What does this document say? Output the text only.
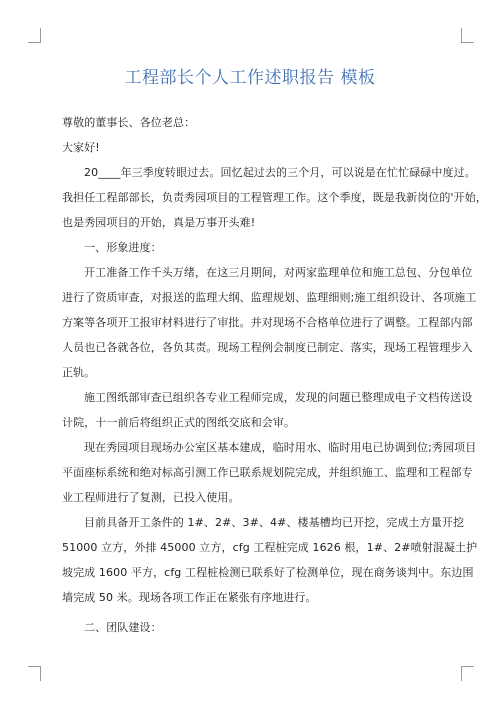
工程部长个人工作述职报告 模板
尊敬的董事长、各位老总：
大家好!
20____年三季度转眼过去。回忆起过去的三个月，可以说是在忙忙碌碌中度过。
我担任工程部部长，负责秀园项目的工程管理工作。这个季度，既是我新岗位的'开始，
也是秀园项目的开始，真是万事开头难!
一、形象进度：
开工准备工作千头万绪，在这三月期间，对两家监理单位和施工总包、分包单位
进行了资质审查，对报送的监理大纲、监理规划、监理细则;施工组织设计、各项施工
方案等各项开工报审材料进行了审批。并对现场不合格单位进行了调整。工程部内部
人员也已各就各位，各负其责。现场工程例会制度已制定、落实，现场工程管理步入
正轨。
施工图纸部审查已组织各专业工程师完成，发现的问题已整理成电子文档传送设
计院，十一前后将组织正式的图纸交底和会审。
现在秀园项目现场办公室区基本建成，临时用水、临时用电已协调到位;秀园项目
平面座标系统和绝对标高引测工作已联系规划院完成，并组织施工、监理和工程部专
业工程师进行了复测，已投入使用。
目前具备开工条件的 1#、2#、3#、4#、楼基槽均已开挖，完成土方量开挖
51000 立方，外排 45000 立方，cfg 工程桩完成 1626 根，1#、2#喷射混凝土护
坡完成 1600 平方，cfg 工程桩检测已联系好了检测单位，现在商务谈判中。东边围
墙完成 50 米。现场各项工作正在紧张有序地进行。
二、团队建设：
